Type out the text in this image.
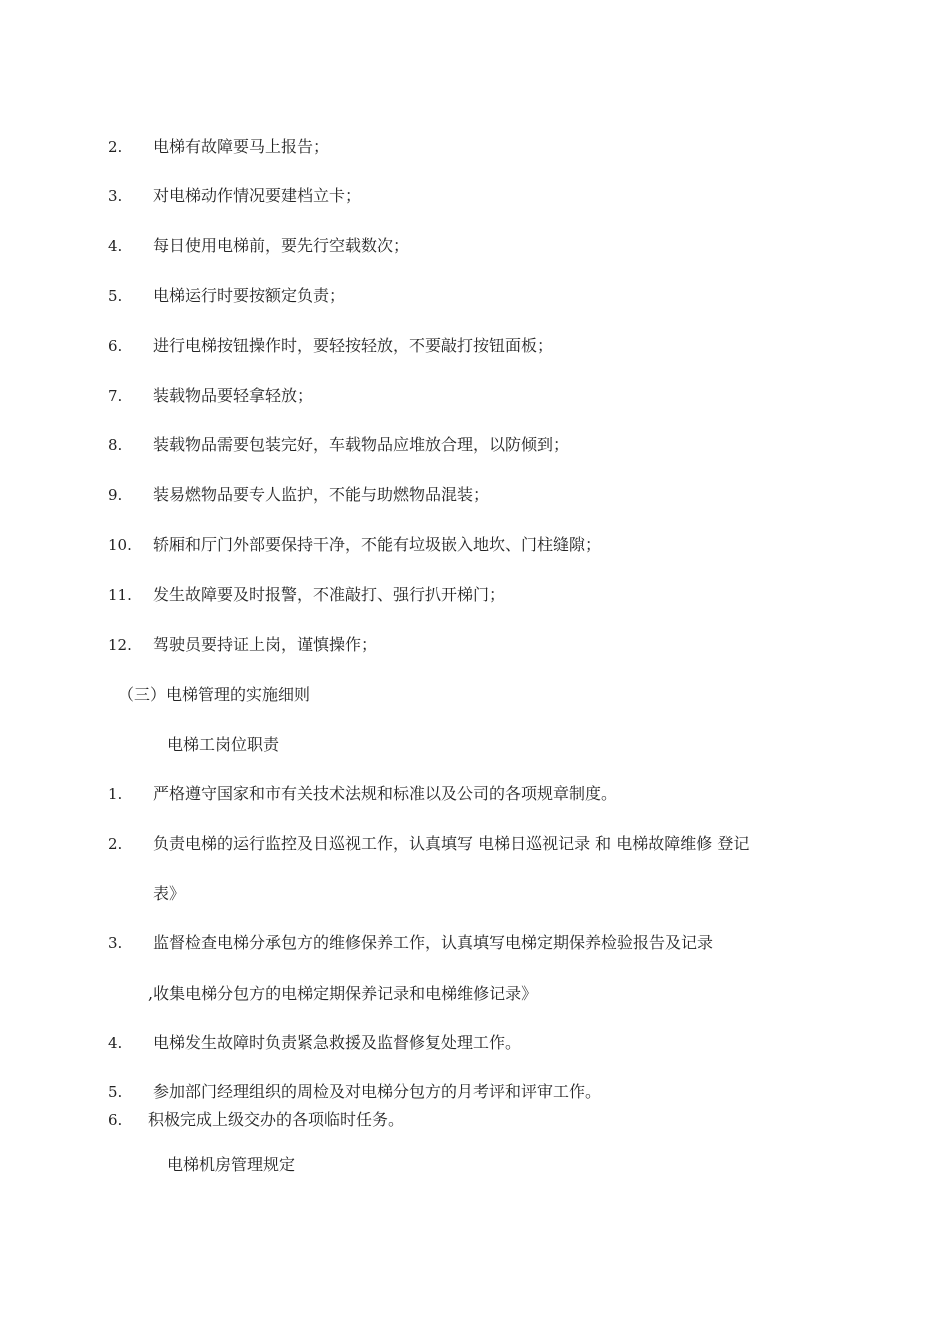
2. 电梯有故障要马上报告；
3. 对电梯动作情况要建档立卡；
4. 每日使用电梯前，要先行空载数次；
5. 电梯运行时要按额定负责；
6. 进行电梯按钮操作时，要轻按轻放，不要敲打按钮面板；
7. 装载物品要轻拿轻放；
8. 装载物品需要包装完好，车载物品应堆放合理，以防倾到；
9. 装易燃物品要专人监护，不能与助燃物品混装；
10. 轿厢和厅门外部要保持干净，不能有垃圾嵌入地坎、门柱缝隙；
11. 发生故障要及时报警，不准敲打、强行扒开梯门；
12. 驾驶员要持证上岗，谨慎操作；
（三）电梯管理的实施细则
电梯工岗位职责
1. 严格遵守国家和市有关技术法规和标准以及公司的各项规章制度。
2. 负责电梯的运行监控及日巡视工作，认真填写 电梯日巡视记录 和 电梯故障维修 登记
表》
3. 监督检查电梯分承包方的维修保养工作，认真填写电梯定期保养检验报告及记录
,收集电梯分包方的电梯定期保养记录和电梯维修记录》
4. 电梯发生故障时负责紧急救援及监督修复处理工作。
5. 参加部门经理组织的周检及对电梯分包方的月考评和评审工作。
6. 积极完成上级交办的各项临时任务。
电梯机房管理规定
